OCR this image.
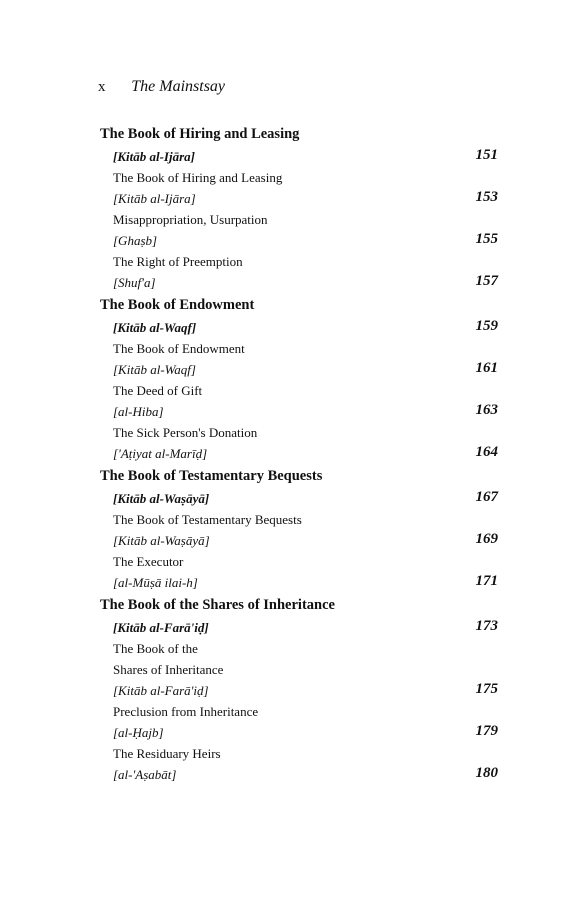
x The Mainstsay
The Book of Hiring and Leasing
[Kitāb al-Ijāra]	151
The Book of Hiring and Leasing
[Kitāb al-Ijāra]	153
Misappropriation, Usurpation
[Ghaṣb]	155
The Right of Preemption
[Shuf'a]	157
The Book of Endowment
[Kitāb al-Waqf]	159
The Book of Endowment
[Kitāb al-Waqf]	161
The Deed of Gift
[al-Hiba]	163
The Sick Person's Donation
['Aṭiyat al-Marīḍ]	164
The Book of Testamentary Bequests
[Kitāb al-Waṣāyā]	167
The Book of Testamentary Bequests
[Kitāb al-Waṣāyā]	169
The Executor
[al-Mūṣā ilai-h]	171
The Book of the Shares of Inheritance
[Kitāb al-Farā'iḍ]	173
The Book of the
Shares of Inheritance
[Kitāb al-Farā'iḍ]	175
Preclusion from Inheritance
[al-Ḥajb]	179
The Residuary Heirs
[al-'Aṣabāt]	180
